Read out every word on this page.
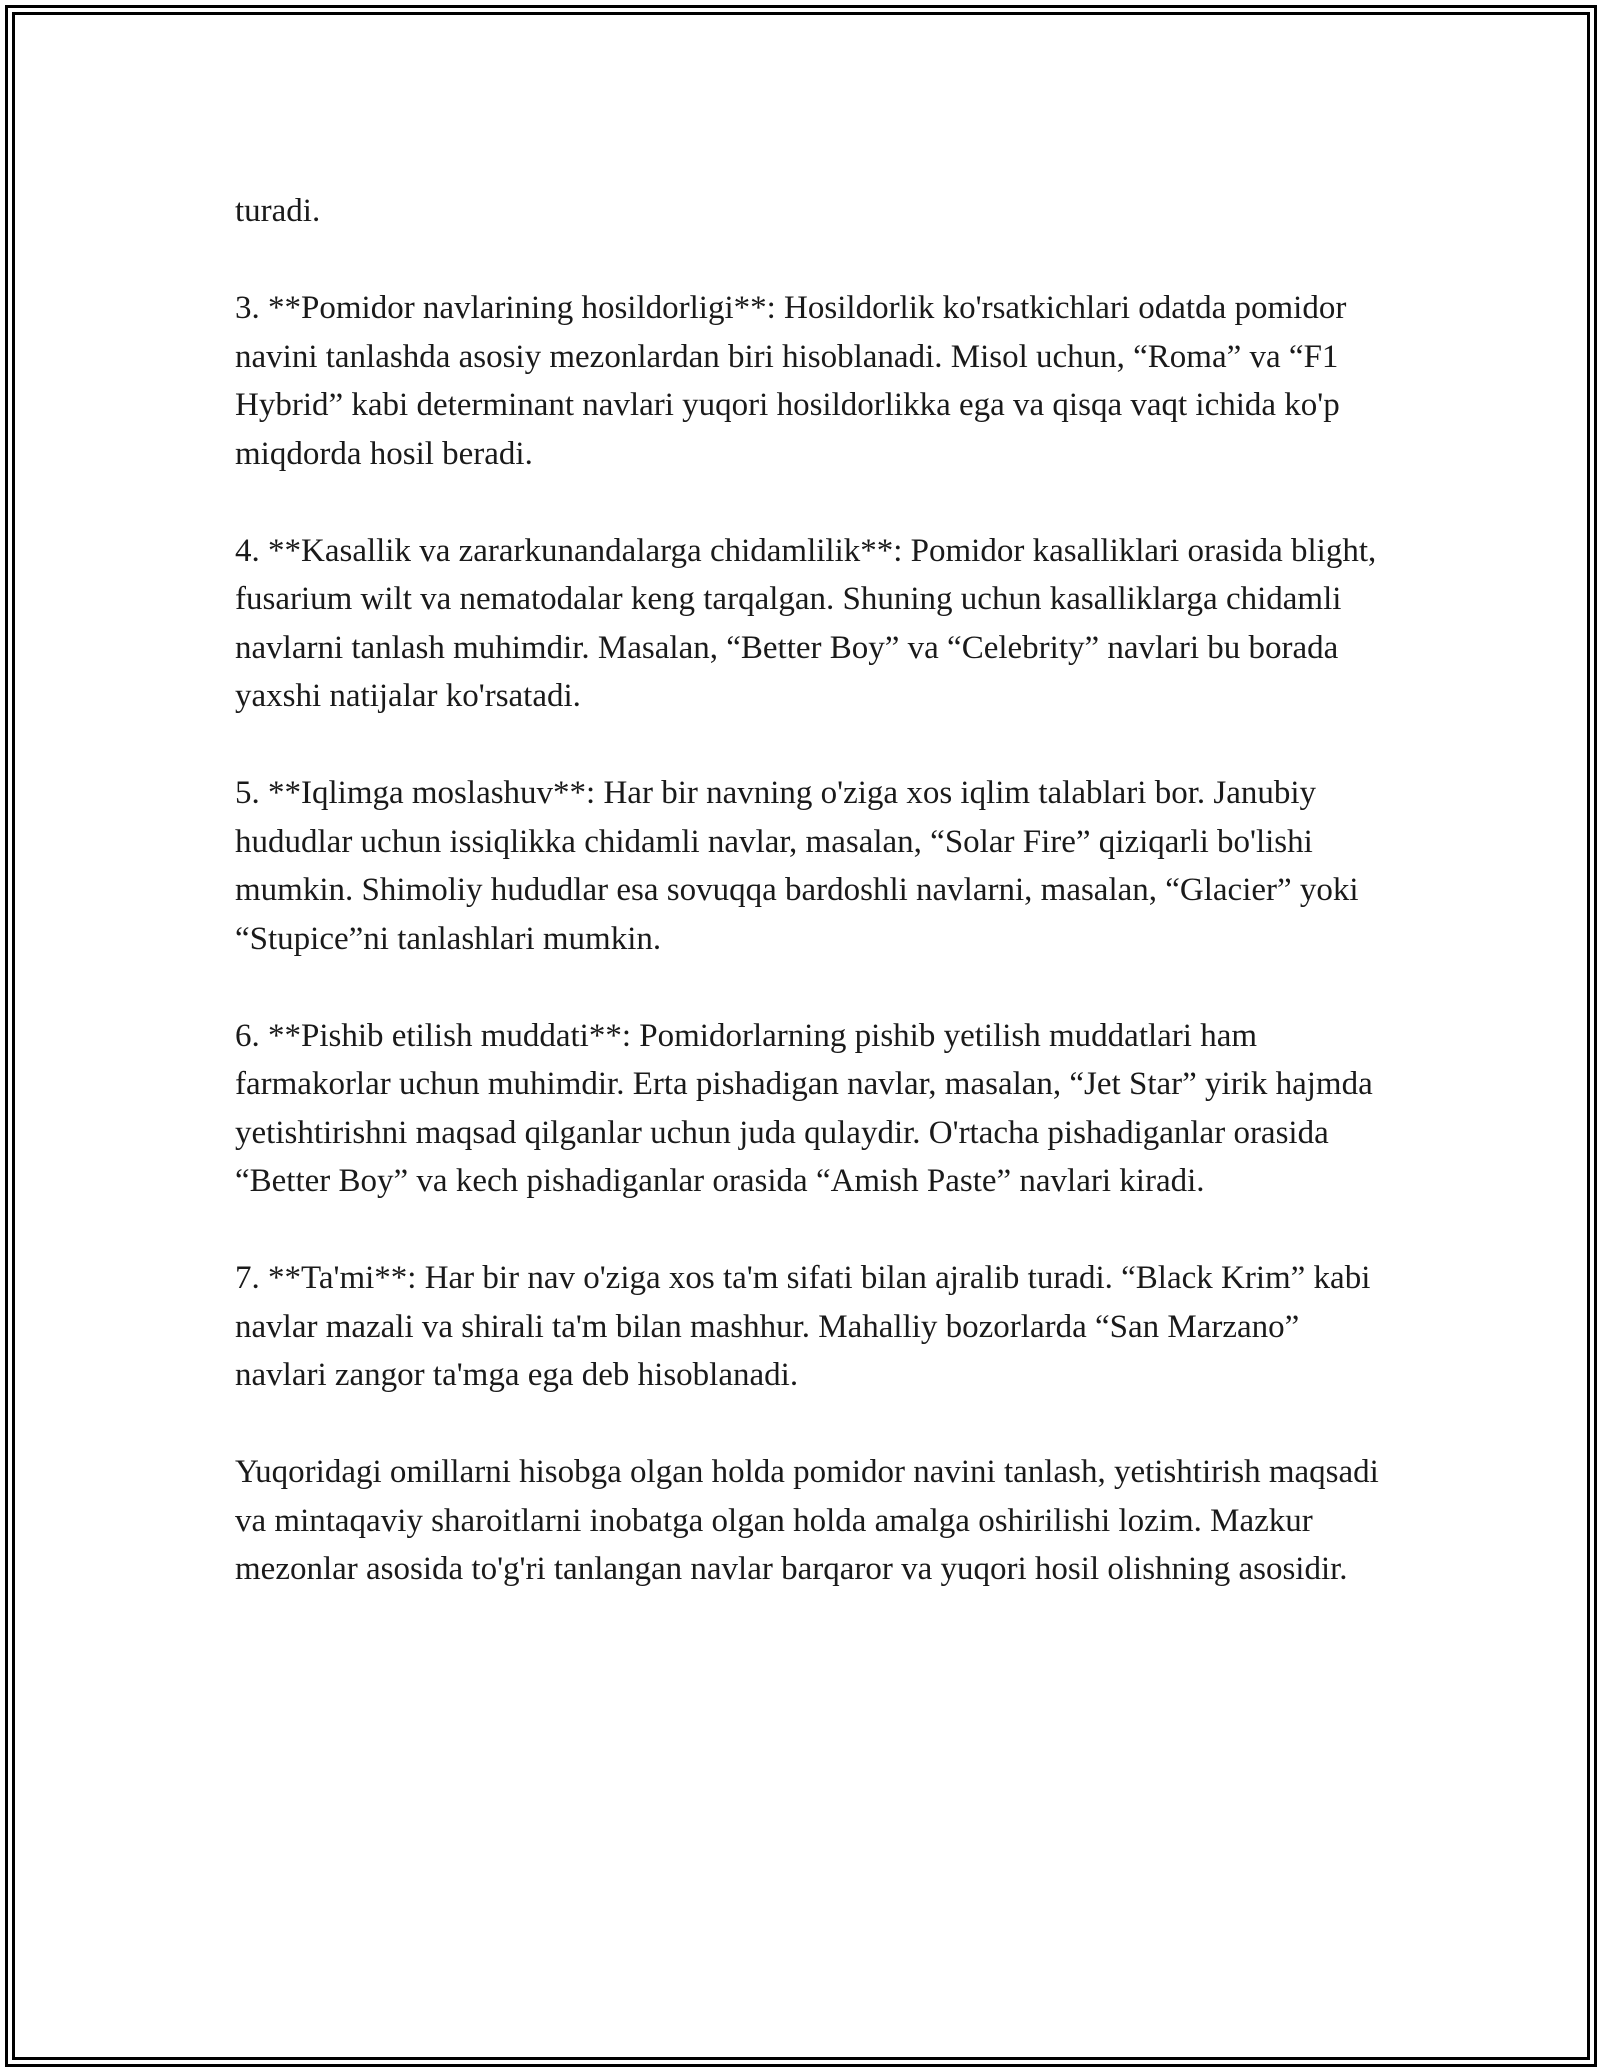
turadi.

3. **Pomidor navlarining hosildorligi**: Hosildorlik ko'rsatkichlari odatda pomidor navini tanlashda asosiy mezonlardan biri hisoblanadi. Misol uchun, “Roma” va “F1 Hybrid” kabi determinant navlari yuqori hosildorlikka ega va qisqa vaqt ichida ko'p miqdorda hosil beradi.

4. **Kasallik va zararkunandalarga chidamlilik**: Pomidor kasalliklari orasida blight, fusarium wilt va nematodalar keng tarqalgan. Shuning uchun kasalliklarga chidamli navlarni tanlash muhimdir. Masalan, “Better Boy” va “Celebrity” navlari bu borada yaxshi natijalar ko'rsatadi.

5. **Iqlimga moslashuv**: Har bir navning o'ziga xos iqlim talablari bor. Janubiy hududlar uchun issiqlikka chidamli navlar, masalan, “Solar Fire” qiziqarli bo'lishi mumkin. Shimoliy hududlar esa sovuqqa bardoshli navlarni, masalan, “Glacier” yoki “Stupice”ni tanlashlari mumkin.

6. **Pishib etilish muddati**: Pomidorlarning pishib yetilish muddatlari ham farmakorlar uchun muhimdir. Erta pishadigan navlar, masalan, “Jet Star” yirik hajmda yetishtirishni maqsad qilganlar uchun juda qulaydir. O'rtacha pishadiganlar orasida “Better Boy” va kech pishadiganlar orasida “Amish Paste” navlari kiradi.

7. **Ta'mi**: Har bir nav o'ziga xos ta'm sifati bilan ajralib turadi. “Black Krim” kabi navlar mazali va shirali ta'm bilan mashhur. Mahalliy bozorlarda “San Marzano” navlari zangor ta'mga ega deb hisoblanadi.

Yuqoridagi omillarni hisobga olgan holda pomidor navini tanlash, yetishtirish maqsadi va mintaqaviy sharoitlarni inobatga olgan holda amalga oshirilishi lozim. Mazkur mezonlar asosida to'g'ri tanlangan navlar barqaror va yuqori hosil olishning asosidir.
